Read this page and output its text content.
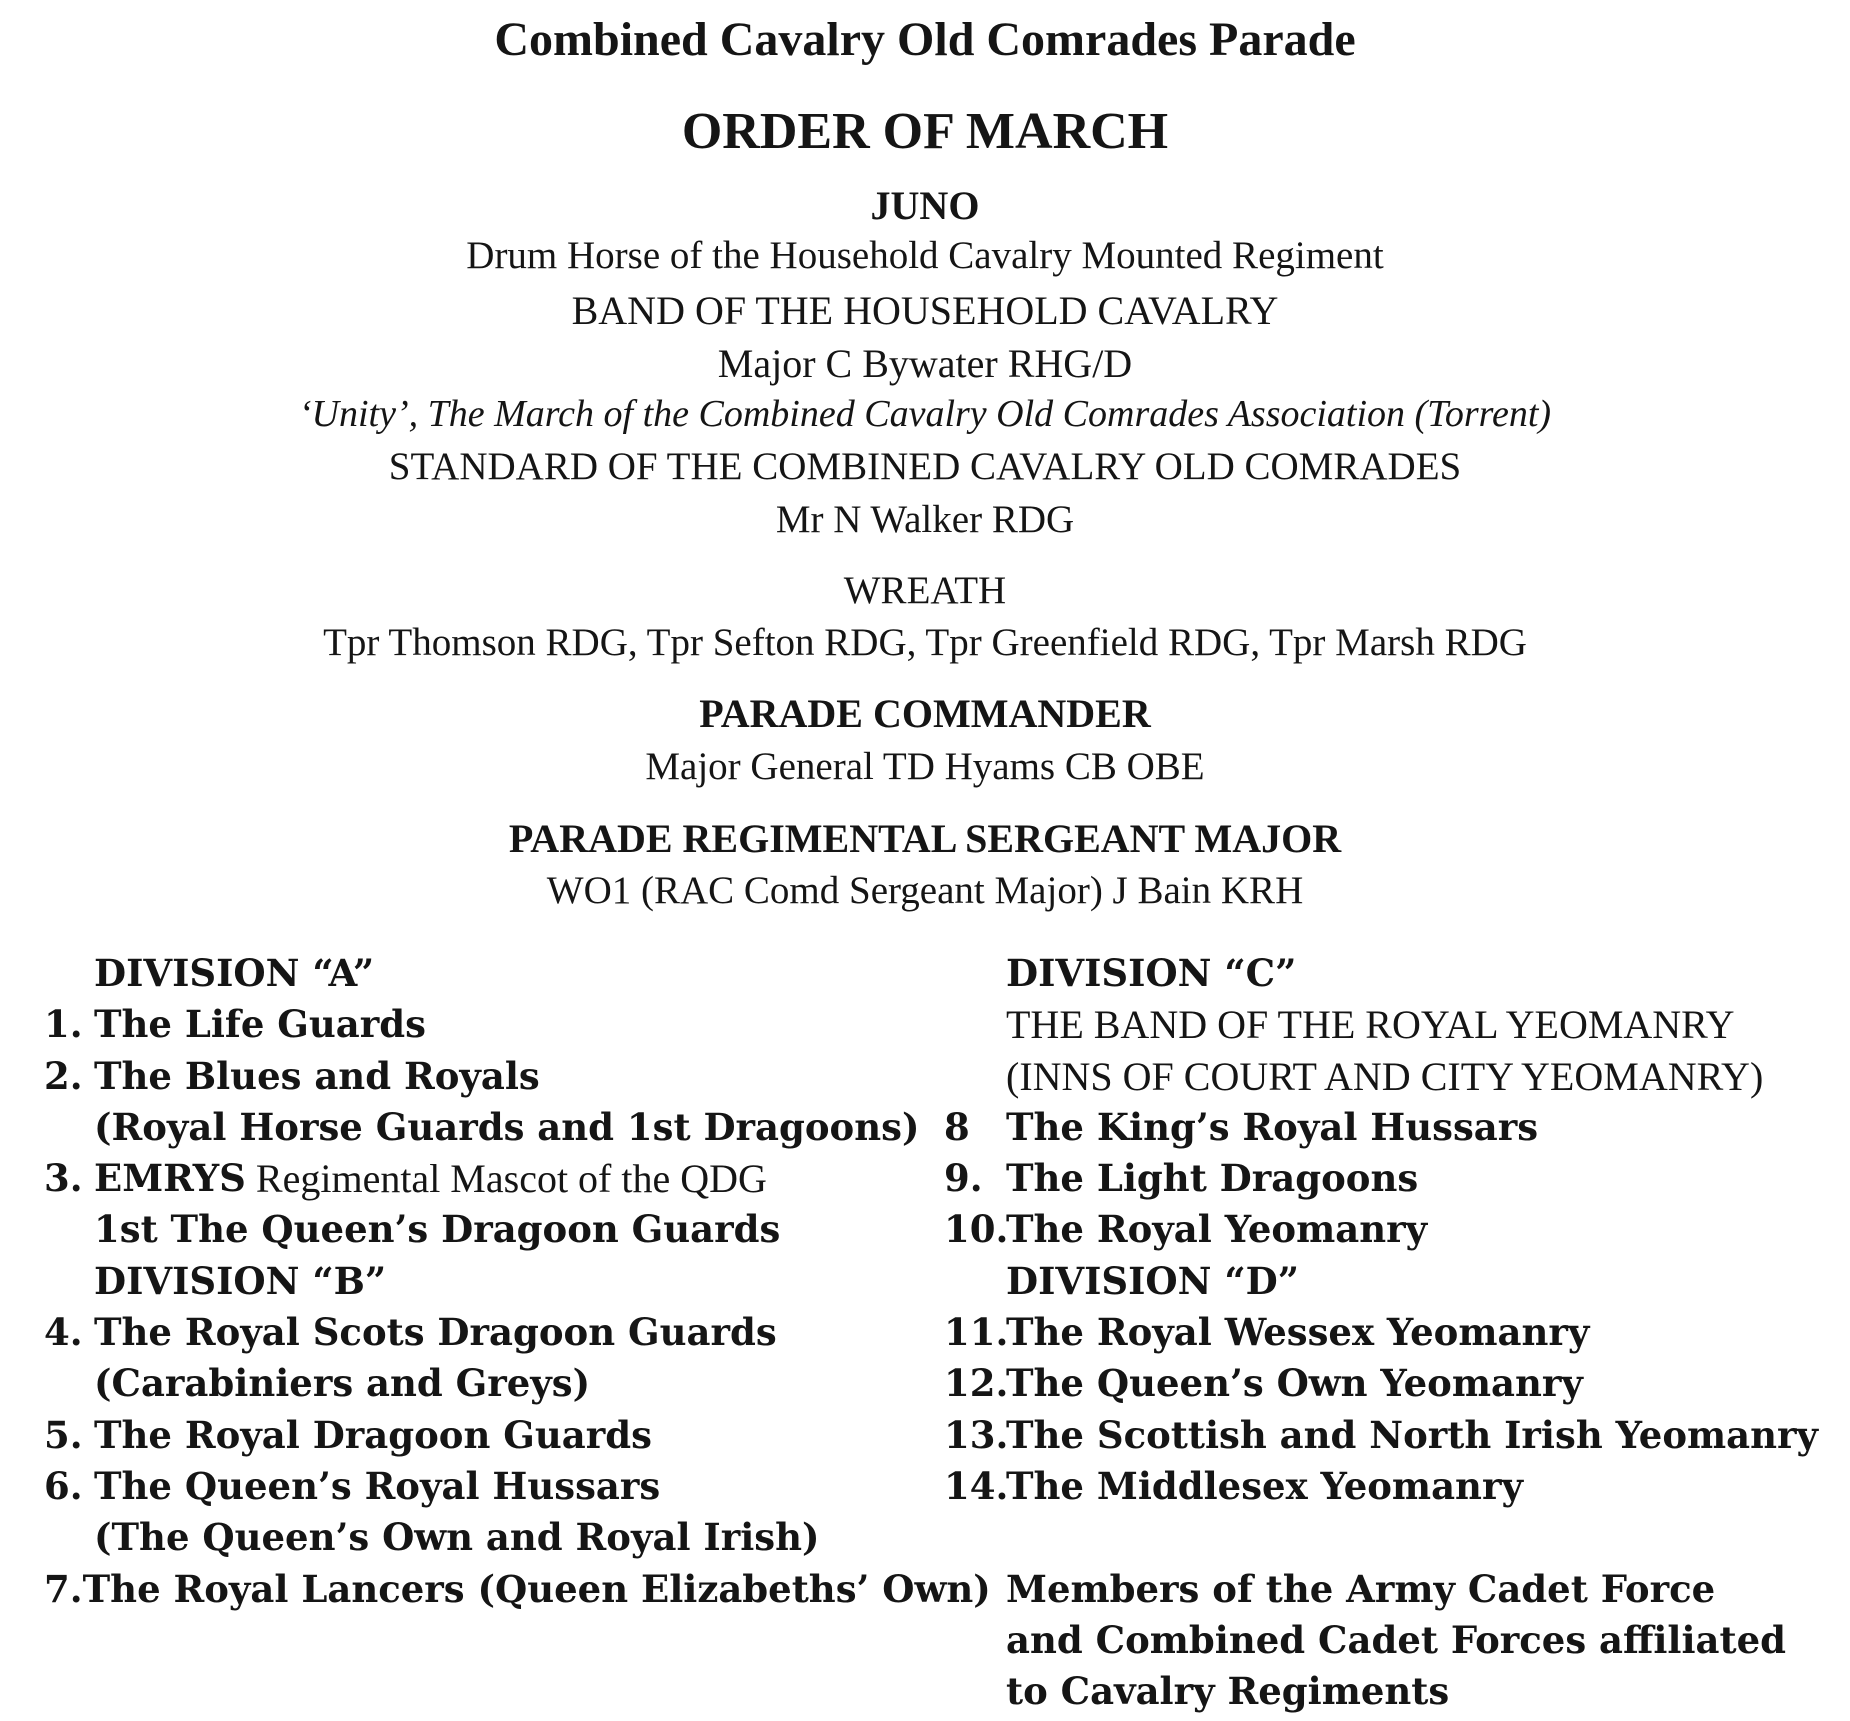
Combined Cavalry Old Comrades Parade
ORDER OF MARCH
JUNO
Drum Horse of the Household Cavalry Mounted Regiment
BAND OF THE HOUSEHOLD CAVALRY
Major C Bywater RHG/D
‘Unity’, The March of the Combined Cavalry Old Comrades Association (Torrent)
STANDARD OF THE COMBINED CAVALRY OLD COMRADES
Mr N Walker RDG
WREATH
Tpr Thomson RDG, Tpr Sefton RDG, Tpr Greenfield RDG, Tpr Marsh RDG
PARADE COMMANDER
Major General TD Hyams CB OBE
PARADE REGIMENTAL SERGEANT MAJOR
WO1 (RAC Comd Sergeant Major) J Bain KRH
DIVISION “A”
1. The Life Guards
2. The Blues and Royals
(Royal Horse Guards and 1st Dragoons)
3. EMRYS Regimental Mascot of the QDG
1st The Queen’s Dragoon Guards
DIVISION “B”
4. The Royal Scots Dragoon Guards
(Carabiniers and Greys)
5. The Royal Dragoon Guards
6. The Queen’s Royal Hussars
(The Queen’s Own and Royal Irish)
7. The Royal Lancers (Queen Elizabeths’ Own)
DIVISION “C”
THE BAND OF THE ROYAL YEOMANRY
(INNS OF COURT AND CITY YEOMANRY)
8 The King’s Royal Hussars
9. The Light Dragoons
10.
The Royal Yeomanry
DIVISION “D”
11.
The Royal Wessex Yeomanry
12.
The Queen’s Own Yeomanry
13.
The Scottish and North Irish Yeomanry
14.
The Middlesex Yeomanry
Members of the Army Cadet Force
and Combined Cadet Forces affiliated
to Cavalry Regiments
